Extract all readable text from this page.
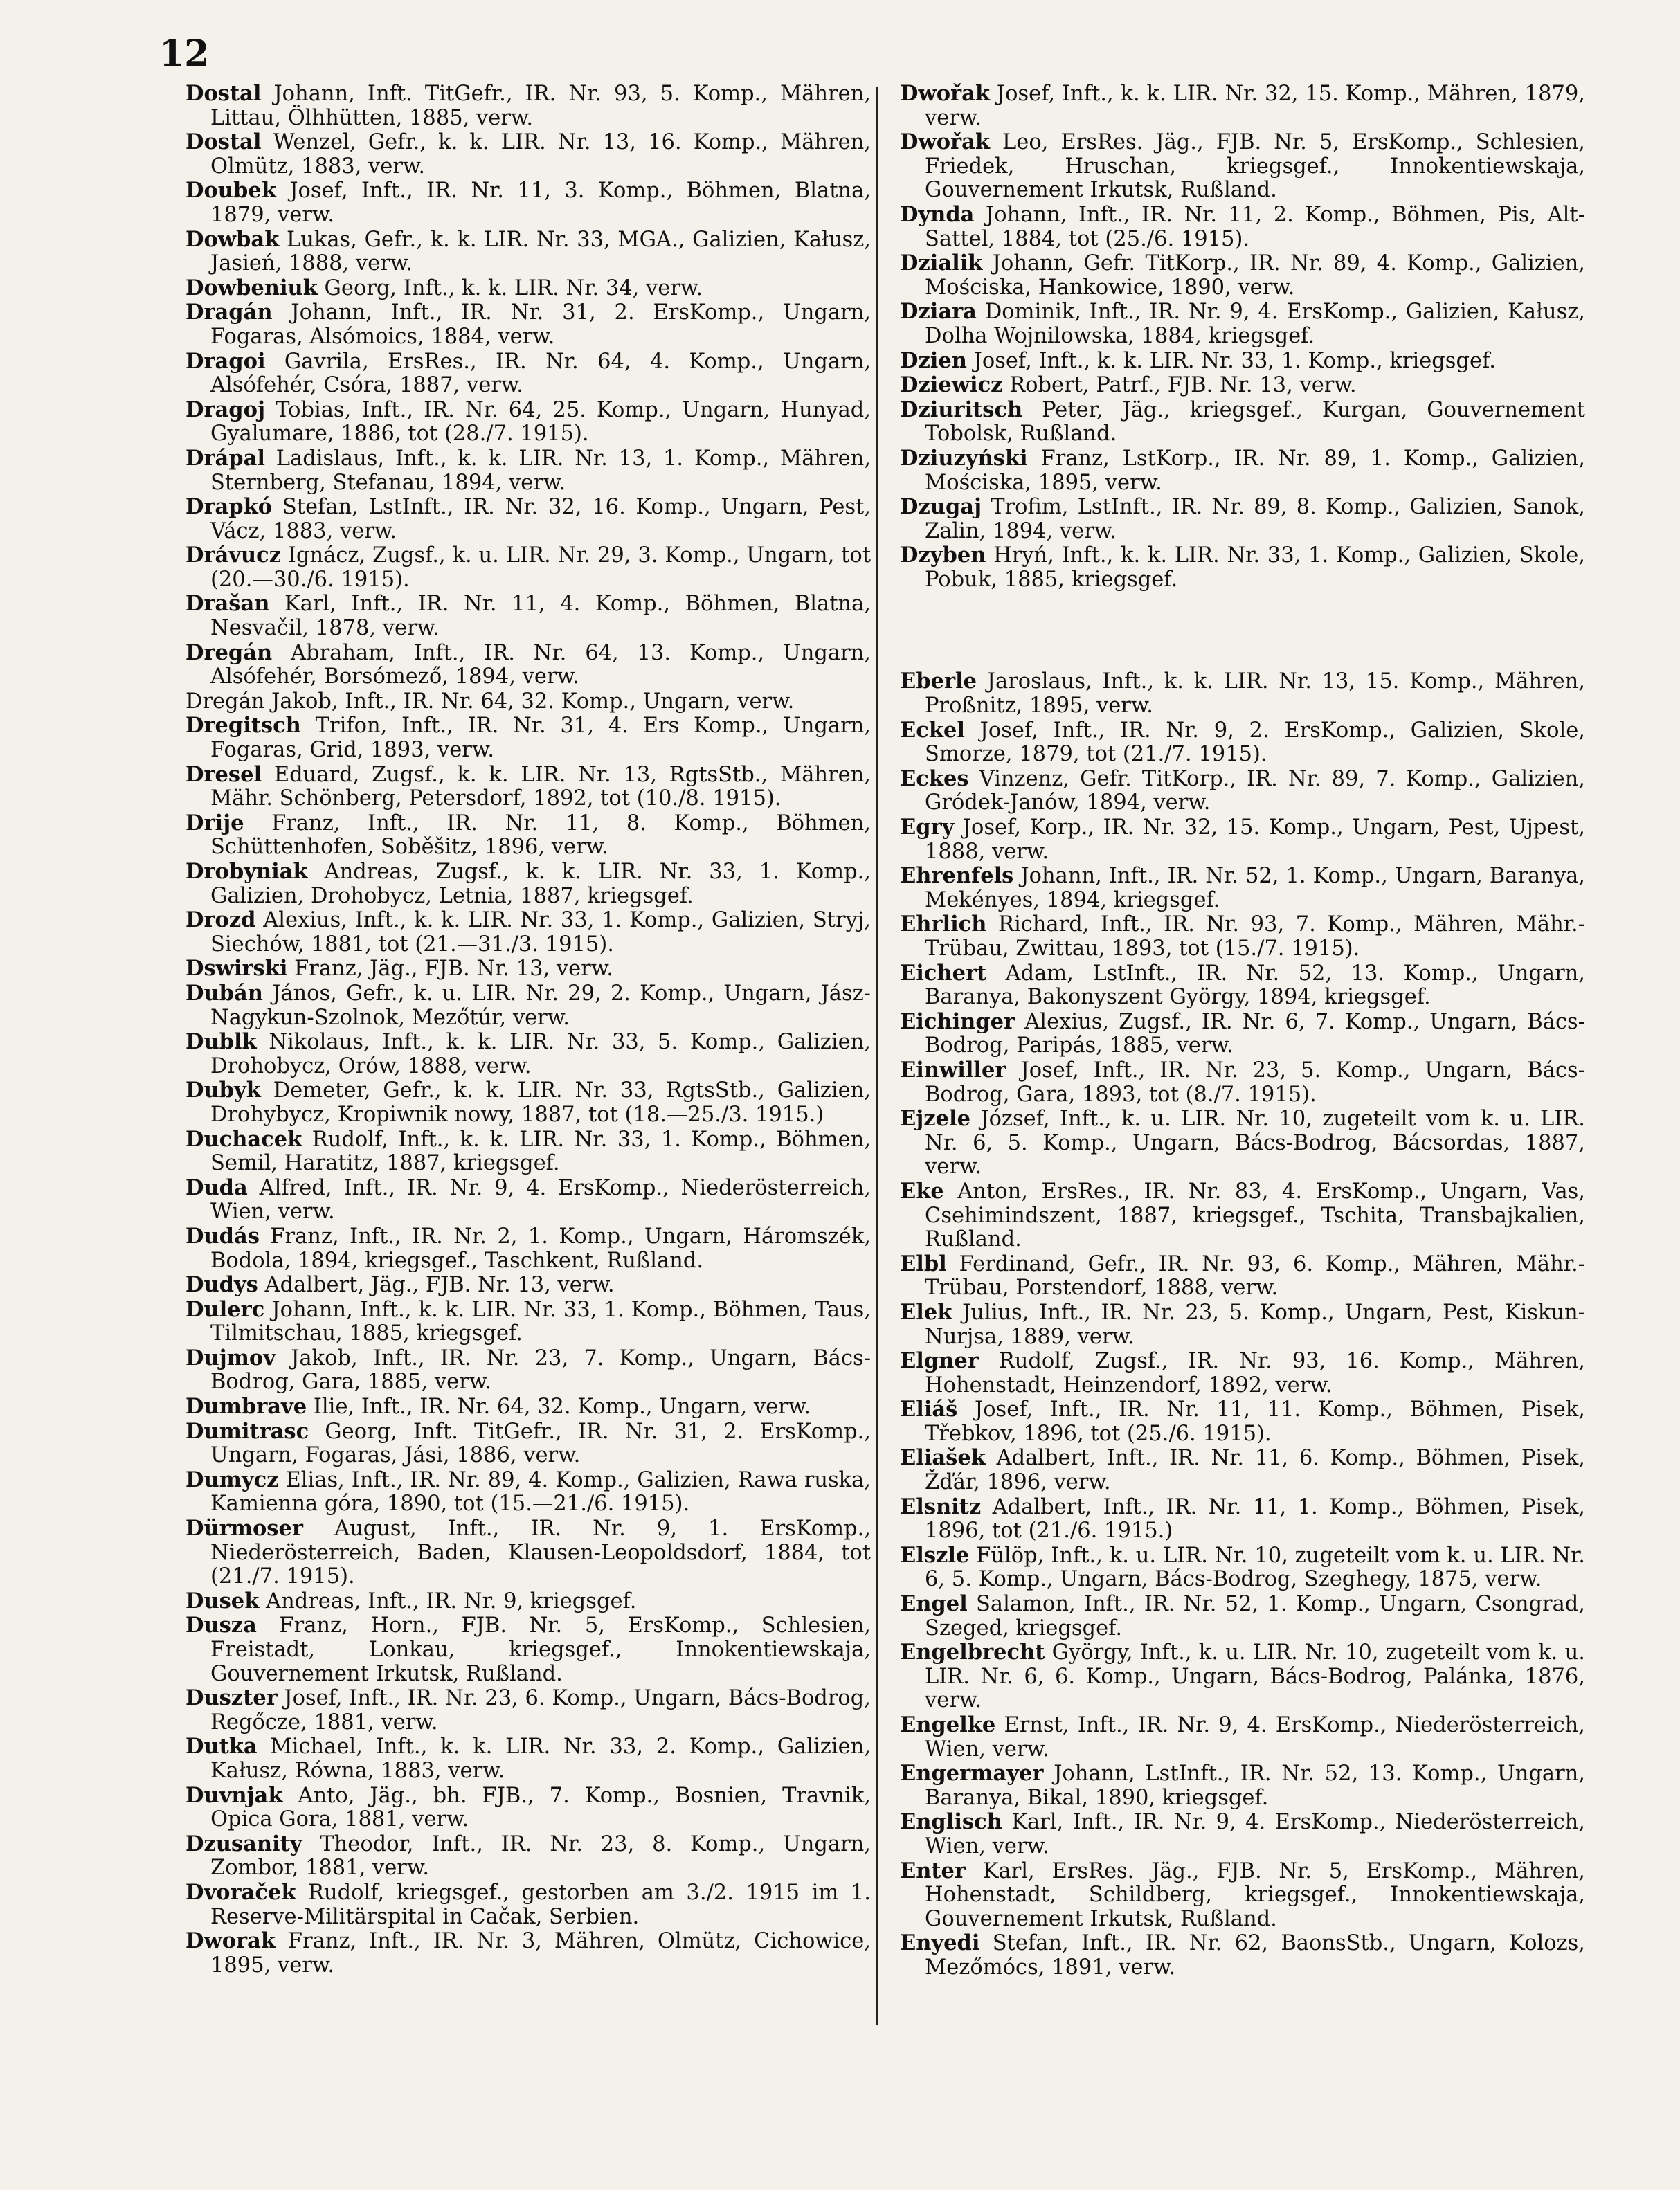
12

Dostal Johann, Inft. TitGefr., IR. Nr. 93, 5. Komp., Mähren, Littau, Ölhhütten, 1885, verw.

Dostal Wenzel, Gefr., k. k. LIR. Nr. 13, 16. Komp., Mähren, Olmütz, 1883, verw.

Doubek Josef, Inft., IR. Nr. 11, 3. Komp., Böhmen, Blatna, 1879, verw.

Dowbak Lukas, Gefr., k. k. LIR. Nr. 33, MGA., Galizien, Kałusz, Jasień, 1888, verw.

Dowbeniuk Georg, Inft., k. k. LIR. Nr. 34, verw.

Dragán Johann, Inft., IR. Nr. 31, 2. ErsKomp., Ungarn, Fogaras, Alsómoics, 1884, verw.

Dragoi Gavrila, ErsRes., IR. Nr. 64, 4. Komp., Ungarn, Alsófehér, Csóra, 1887, verw.

Dragoj Tobias, Inft., IR. Nr. 64, 25. Komp., Ungarn, Hunyad, Gyalumare, 1886, tot (28./7. 1915).

Drápal Ladislaus, Inft., k. k. LIR. Nr. 13, 1. Komp., Mähren, Sternberg, Stefanau, 1894, verw.

Drapkó Stefan, LstInft., IR. Nr. 32, 16. Komp., Ungarn, Pest, Vácz, 1883, verw.

Drávucz Ignácz, Zugsf., k. u. LIR. Nr. 29, 3. Komp., Ungarn, tot (20.—30./6. 1915).

Drašan Karl, Inft., IR. Nr. 11, 4. Komp., Böhmen, Blatna, Nesvačil, 1878, verw.

Dregán Abraham, Inft., IR. Nr. 64, 13. Komp., Ungarn, Alsófehér, Borsómező, 1894, verw.

Dregán Jakob, Inft., IR. Nr. 64, 32. Komp., Ungarn, verw.

Dregitsch Trifon, Inft., IR. Nr. 31, 4. Ers Komp., Ungarn, Fogaras, Grid, 1893, verw.

Dresel Eduard, Zugsf., k. k. LIR. Nr. 13, RgtsStb., Mähren, Mähr. Schönberg, Petersdorf, 1892, tot (10./8. 1915).

Drije Franz, Inft., IR. Nr. 11, 8. Komp., Böhmen, Schüttenhofen, Soběšitz, 1896, verw.

Drobyniak Andreas, Zugsf., k. k. LIR. Nr. 33, 1. Komp., Galizien, Drohobycz, Letnia, 1887, kriegsgef.

Drozd Alexius, Inft., k. k. LIR. Nr. 33, 1. Komp., Galizien, Stryj, Siechów, 1881, tot (21.—31./3. 1915).

Dswirski Franz, Jäg., FJB. Nr. 13, verw.

Dubán János, Gefr., k. u. LIR. Nr. 29, 2. Komp., Ungarn, Jász-Nagykun-Szolnok, Mezőtúr, verw.

Dublk Nikolaus, Inft., k. k. LIR. Nr. 33, 5. Komp., Galizien, Drohobycz, Orów, 1888, verw.

Dubyk Demeter, Gefr., k. k. LIR. Nr. 33, RgtsStb., Galizien, Drohybycz, Kropiwnik nowy, 1887, tot (18.—25./3. 1915.)

Duchacek Rudolf, Inft., k. k. LIR. Nr. 33, 1. Komp., Böhmen, Semil, Haratitz, 1887, kriegsgef.

Duda Alfred, Inft., IR. Nr. 9, 4. ErsKomp., Niederösterreich, Wien, verw.

Dudás Franz, Inft., IR. Nr. 2, 1. Komp., Ungarn, Háromszék, Bodola, 1894, kriegsgef., Taschkent, Rußland.

Dudys Adalbert, Jäg., FJB. Nr. 13, verw.

Dulerc Johann, Inft., k. k. LIR. Nr. 33, 1. Komp., Böhmen, Taus, Tilmitschau, 1885, kriegsgef.

Dujmov Jakob, Inft., IR. Nr. 23, 7. Komp., Ungarn, Bács-Bodrog, Gara, 1885, verw.

Dumbrave Ilie, Inft., IR. Nr. 64, 32. Komp., Ungarn, verw.

Dumitrasc Georg, Inft. TitGefr., IR. Nr. 31, 2. ErsKomp., Ungarn, Fogaras, Jási, 1886, verw.

Dumycz Elias, Inft., IR. Nr. 89, 4. Komp., Galizien, Rawa ruska, Kamienna góra, 1890, tot (15.—21./6. 1915).

Dürmoser August, Inft., IR. Nr. 9, 1. ErsKomp., Niederösterreich, Baden, Klausen-Leopoldsdorf, 1884, tot (21./7. 1915).

Dusek Andreas, Inft., IR. Nr. 9, kriegsgef.

Dusza Franz, Horn., FJB. Nr. 5, ErsKomp., Schlesien, Freistadt, Lonkau, kriegsgef., Innokentiewskaja, Gouvernement Irkutsk, Rußland.

Duszter Josef, Inft., IR. Nr. 23, 6. Komp., Ungarn, Bács-Bodrog, Regőcze, 1881, verw.

Dutka Michael, Inft., k. k. LIR. Nr. 33, 2. Komp., Galizien, Kałusz, Równa, 1883, verw.

Duvnjak Anto, Jäg., bh. FJB., 7. Komp., Bosnien, Travnik, Opica Gora, 1881, verw.

Dzusanity Theodor, Inft., IR. Nr. 23, 8. Komp., Ungarn, Zombor, 1881, verw.

Dvoraček Rudolf, kriegsgef., gestorben am 3./2. 1915 im 1. Reserve-Militärspital in Cačak, Serbien.

Dworak Franz, Inft., IR. Nr. 3, Mähren, Olmütz, Cichowice, 1895, verw.

Dwořak Josef, Inft., k. k. LIR. Nr. 32, 15. Komp., Mähren, 1879, verw.

Dwořak Leo, ErsRes. Jäg., FJB. Nr. 5, ErsKomp., Schlesien, Friedek, Hruschan, kriegsgef., Innokentiewskaja, Gouvernement Irkutsk, Rußland.

Dynda Johann, Inft., IR. Nr. 11, 2. Komp., Böhmen, Pis, Alt-Sattel, 1884, tot (25./6. 1915).

Dzialik Johann, Gefr. TitKorp., IR. Nr. 89, 4. Komp., Galizien, Mościska, Hankowice, 1890, verw.

Dziara Dominik, Inft., IR. Nr. 9, 4. ErsKomp., Galizien, Kałusz, Dolha Wojnilowska, 1884, kriegsgef.

Dzien Josef, Inft., k. k. LIR. Nr. 33, 1. Komp., kriegsgef.

Dziewicz Robert, Patrf., FJB. Nr. 13, verw.

Dziuritsch Peter, Jäg., kriegsgef., Kurgan, Gouvernement Tobolsk, Rußland.

Dziuzyński Franz, LstKorp., IR. Nr. 89, 1. Komp., Galizien, Mościska, 1895, verw.

Dzugaj Trofim, LstInft., IR. Nr. 89, 8. Komp., Galizien, Sanok, Zalin, 1894, verw.

Dzyben Hryń, Inft., k. k. LIR. Nr. 33, 1. Komp., Galizien, Skole, Pobuk, 1885, kriegsgef.

Eberle Jaroslaus, Inft., k. k. LIR. Nr. 13, 15. Komp., Mähren, Proßnitz, 1895, verw.

Eckel Josef, Inft., IR. Nr. 9, 2. ErsKomp., Galizien, Skole, Smorze, 1879, tot (21./7. 1915).

Eckes Vinzenz, Gefr. TitKorp., IR. Nr. 89, 7. Komp., Galizien, Gródek-Janów, 1894, verw.

Egry Josef, Korp., IR. Nr. 32, 15. Komp., Ungarn, Pest, Ujpest, 1888, verw.

Ehrenfels Johann, Inft., IR. Nr. 52, 1. Komp., Ungarn, Baranya, Mekényes, 1894, kriegsgef.

Ehrlich Richard, Inft., IR. Nr. 93, 7. Komp., Mähren, Mähr.-Trübau, Zwittau, 1893, tot (15./7. 1915).

Eichert Adam, LstInft., IR. Nr. 52, 13. Komp., Ungarn, Baranya, Bakonyszent György, 1894, kriegsgef.

Eichinger Alexius, Zugsf., IR. Nr. 6, 7. Komp., Ungarn, Bács-Bodrog, Paripás, 1885, verw.

Einwiller Josef, Inft., IR. Nr. 23, 5. Komp., Ungarn, Bács-Bodrog, Gara, 1893, tot (8./7. 1915).

Ejzele József, Inft., k. u. LIR. Nr. 10, zugeteilt vom k. u. LIR. Nr. 6, 5. Komp., Ungarn, Bács-Bodrog, Bácsordas, 1887, verw.

Eke Anton, ErsRes., IR. Nr. 83, 4. ErsKomp., Ungarn, Vas, Csehimindszent, 1887, kriegsgef., Tschita, Transbajkalien, Rußland.

Elbl Ferdinand, Gefr., IR. Nr. 93, 6. Komp., Mähren, Mähr.-Trübau, Porstendorf, 1888, verw.

Elek Julius, Inft., IR. Nr. 23, 5. Komp., Ungarn, Pest, Kiskun-Nurjsa, 1889, verw.

Elgner Rudolf, Zugsf., IR. Nr. 93, 16. Komp., Mähren, Hohenstadt, Heinzendorf, 1892, verw.

Eliáš Josef, Inft., IR. Nr. 11, 11. Komp., Böhmen, Pisek, Třebkov, 1896, tot (25./6. 1915).

Eliašek Adalbert, Inft., IR. Nr. 11, 6. Komp., Böhmen, Pisek, Žďár, 1896, verw.

Elsnitz Adalbert, Inft., IR. Nr. 11, 1. Komp., Böhmen, Pisek, 1896, tot (21./6. 1915.)

Elszle Fülöp, Inft., k. u. LIR. Nr. 10, zugeteilt vom k. u. LIR. Nr. 6, 5. Komp., Ungarn, Bács-Bodrog, Szeghegy, 1875, verw.

Engel Salamon, Inft., IR. Nr. 52, 1. Komp., Ungarn, Csongrad, Szeged, kriegsgef.

Engelbrecht György, Inft., k. u. LIR. Nr. 10, zugeteilt vom k. u. LIR. Nr. 6, 6. Komp., Ungarn, Bács-Bodrog, Palánka, 1876, verw.

Engelke Ernst, Inft., IR. Nr. 9, 4. ErsKomp., Niederösterreich, Wien, verw.

Engermayer Johann, LstInft., IR. Nr. 52, 13. Komp., Ungarn, Baranya, Bikal, 1890, kriegsgef.

Englisch Karl, Inft., IR. Nr. 9, 4. ErsKomp., Niederösterreich, Wien, verw.

Enter Karl, ErsRes. Jäg., FJB. Nr. 5, ErsKomp., Mähren, Hohenstadt, Schildberg, kriegsgef., Innokentiewskaja, Gouvernement Irkutsk, Rußland.

Enyedi Stefan, Inft., IR. Nr. 62, BaonsStb., Ungarn, Kolozs, Mezőmócs, 1891, verw.
